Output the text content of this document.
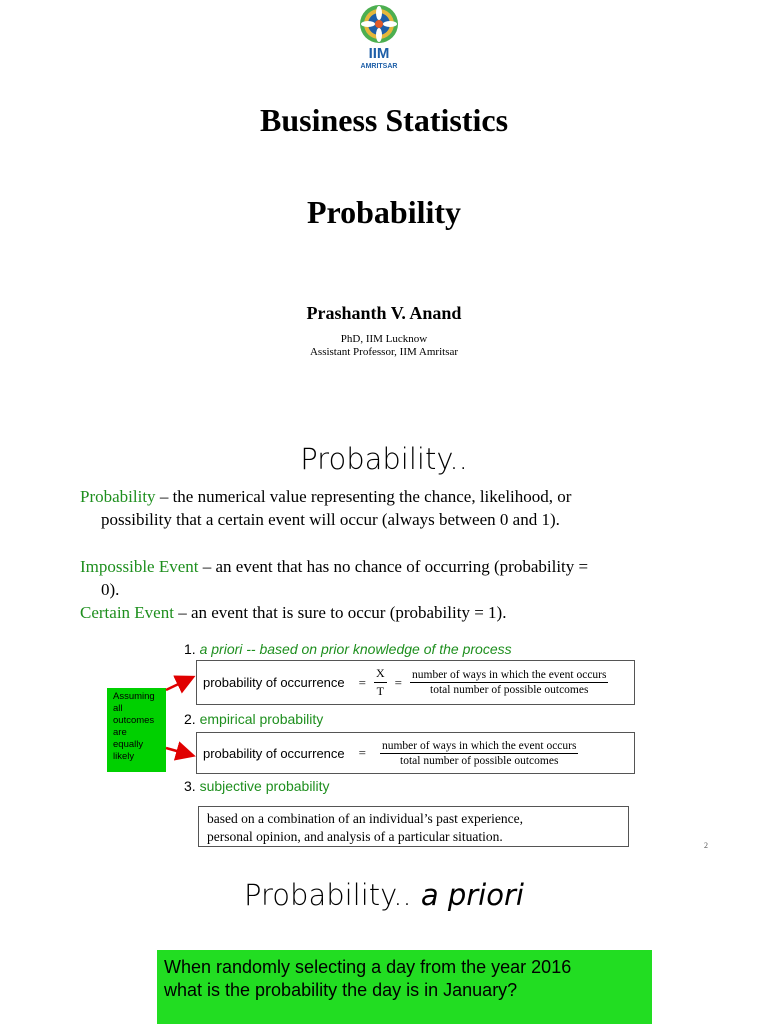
IIM
AMRITSAR
Business Statistics
Probability
Prashanth V. Anand
PhD, IIM Lucknow
Assistant Professor, IIM Amritsar
Probability..
Probability – the numerical value representing the chance, likelihood, or
possibility that a certain event will occur (always between 0 and 1).
Impossible Event – an event that has no chance of occurring (probability =
0).
Certain Event – an event that is sure to occur (probability = 1).
1. a priori -- based on prior knowledge of the process
probability of occurrence	= $\frac{X}{T} = \frac{\text{number of ways in which the event occurs}}{\text{total number of possible outcomes}}$
2. empirical probability
probability of occurrence	=	$\frac{\text{number of ways in which the event occurs}}{\text{total number of possible outcomes}}$
3. subjective probability
based on a combination of an individual’s past experience,
personal opinion, and analysis of a particular situation.
Assuming
all
outcomes
are
equally
likely
2
Probability.. a priori
When randomly selecting a day from the year 2016
what is the probability the day is in January?
